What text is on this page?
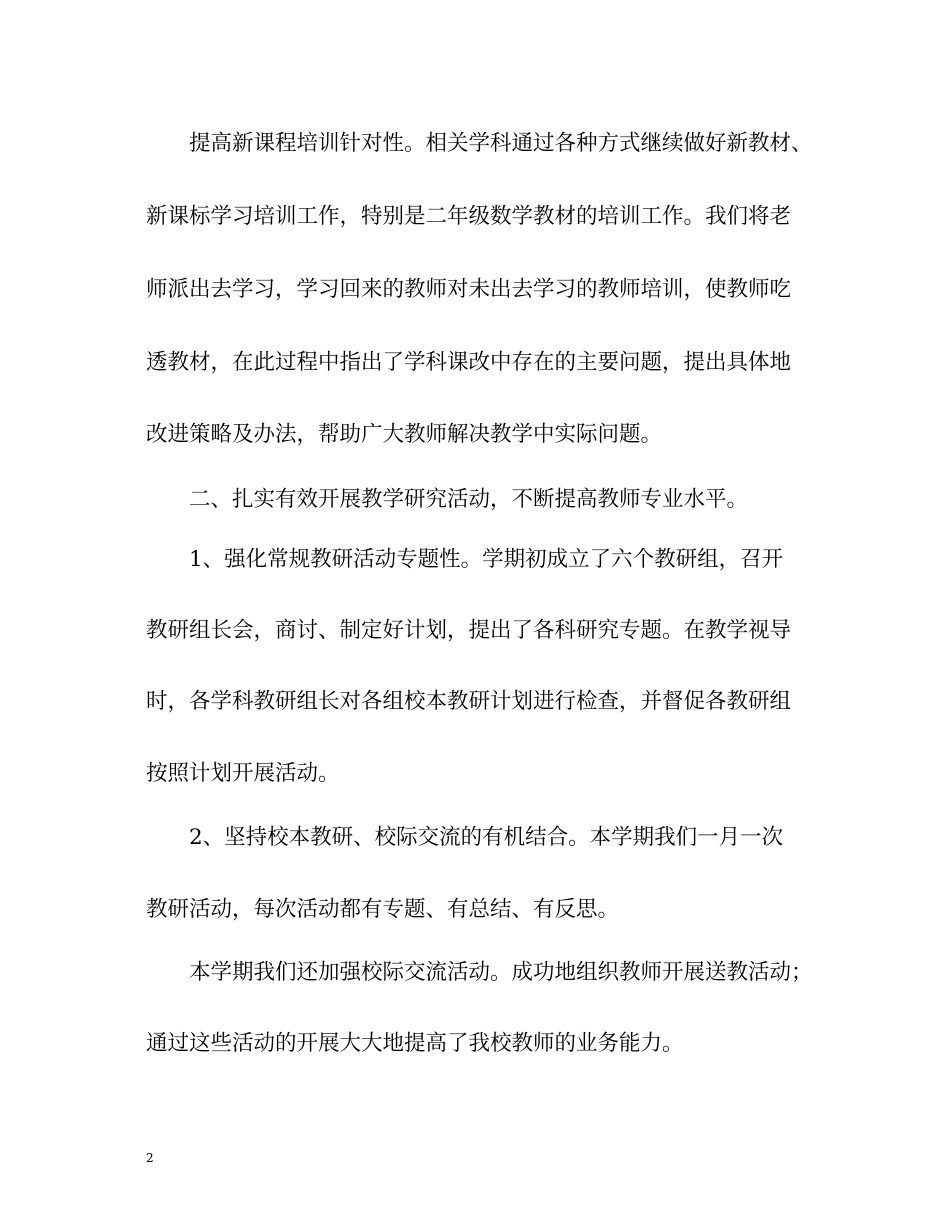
提高新课程培训针对性。相关学科通过各种方式继续做好新教材、
新课标学习培训工作，特别是二年级数学教材的培训工作。我们将老
师派出去学习，学习回来的教师对未出去学习的教师培训，使教师吃
透教材，在此过程中指出了学科课改中存在的主要问题，提出具体地
改进策略及办法，帮助广大教师解决教学中实际问题。
二、扎实有效开展教学研究活动，不断提高教师专业水平。
1、强化常规教研活动专题性。学期初成立了六个教研组，召开
教研组长会，商讨、制定好计划，提出了各科研究专题。在教学视导
时，各学科教研组长对各组校本教研计划进行检查，并督促各教研组
按照计划开展活动。
2、坚持校本教研、校际交流的有机结合。本学期我们一月一次
教研活动，每次活动都有专题、有总结、有反思。
本学期我们还加强校际交流活动。成功地组织教师开展送教活动；
通过这些活动的开展大大地提高了我校教师的业务能力。
2
